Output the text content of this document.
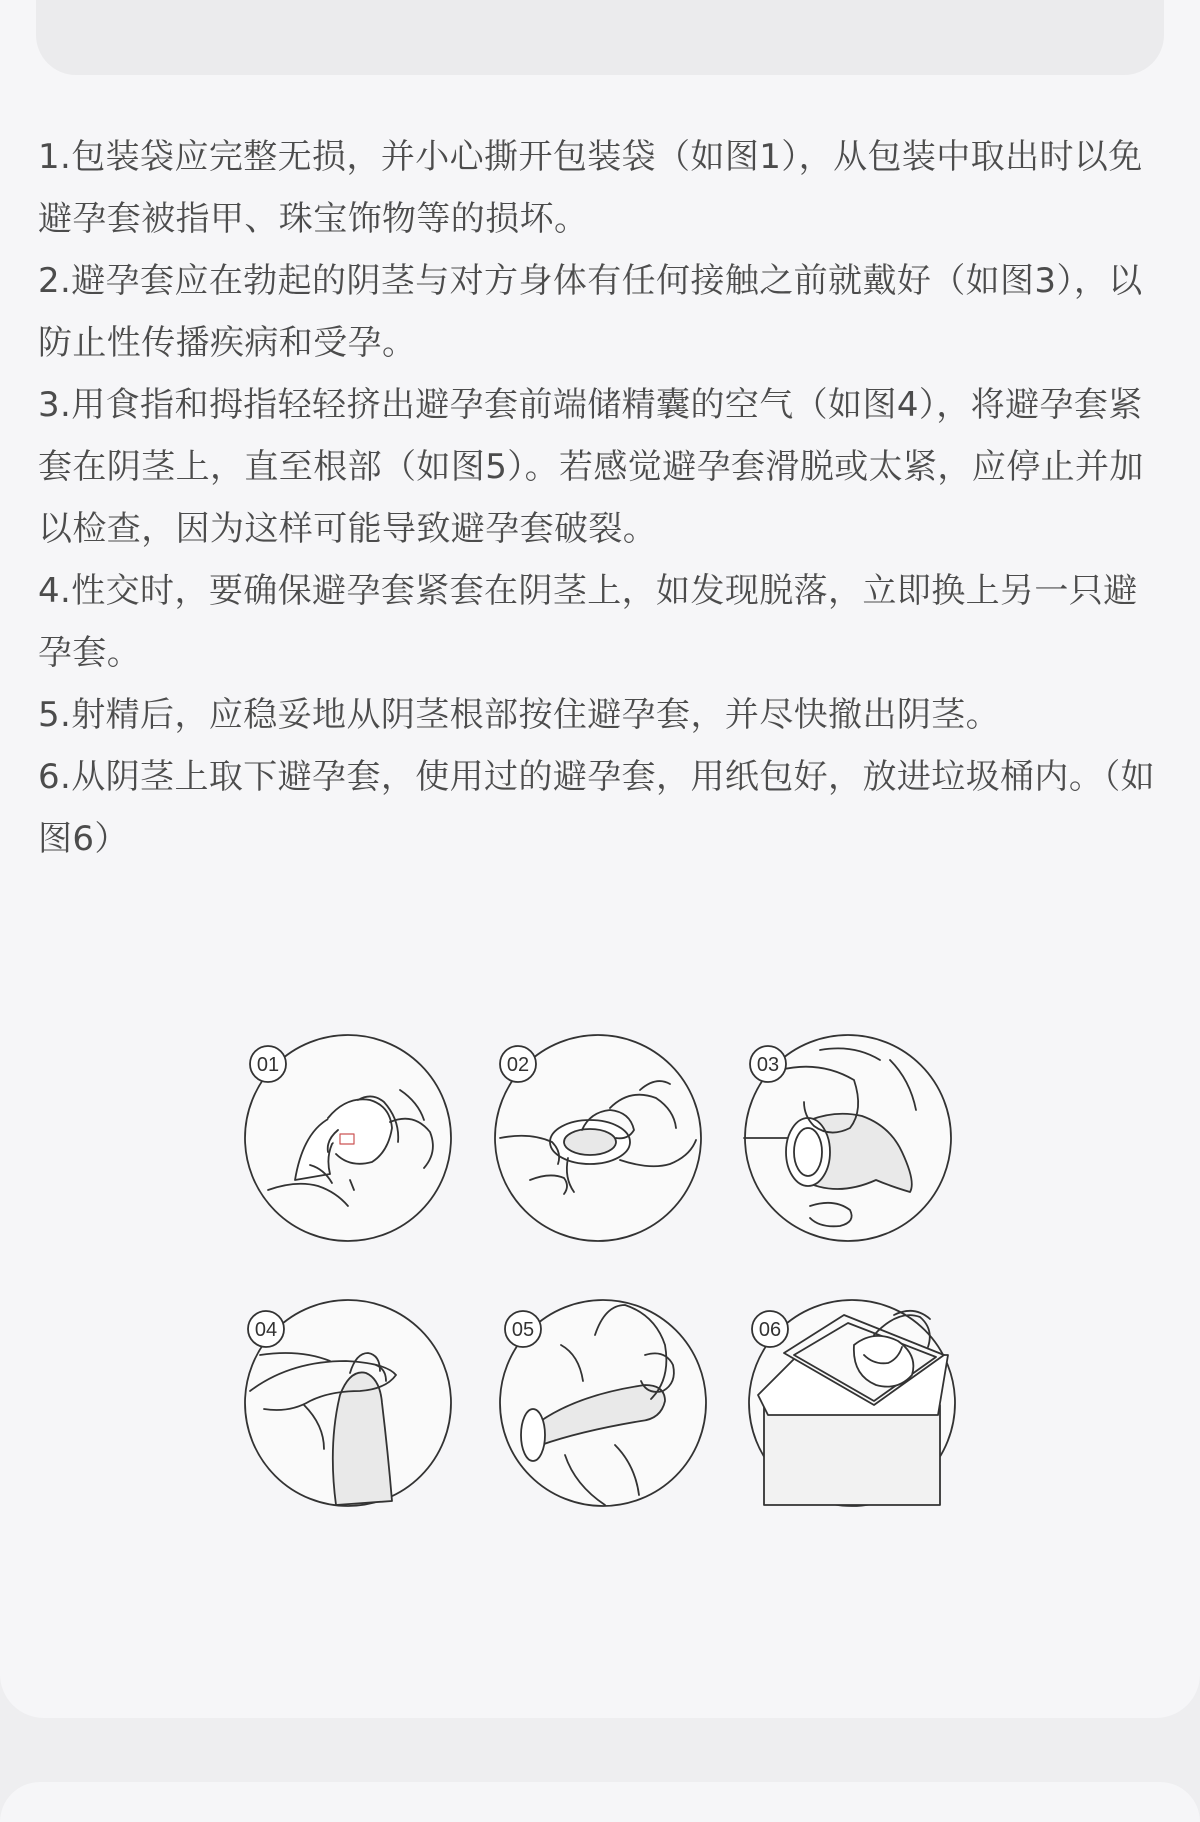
1.包装袋应完整无损，并小心撕开包装袋（如图1），从包装中取出时以免避孕套被指甲、珠宝饰物等的损坏。
2.避孕套应在勃起的阴茎与对方身体有任何接触之前就戴好（如图3），以防止性传播疾病和受孕。
3.用食指和拇指轻轻挤出避孕套前端储精囊的空气（如图4），将避孕套紧套在阴茎上，直至根部（如图5）。若感觉避孕套滑脱或太紧，应停止并加以检查，因为这样可能导致避孕套破裂。
4.性交时，要确保避孕套紧套在阴茎上，如发现脱落，立即换上另一只避孕套。
5.射精后，应稳妥地从阴茎根部按住避孕套，并尽快撤出阴茎。
6.从阴茎上取下避孕套，使用过的避孕套，用纸包好，放进垃圾桶内。（如图6）
01	02	03
04	05	06
